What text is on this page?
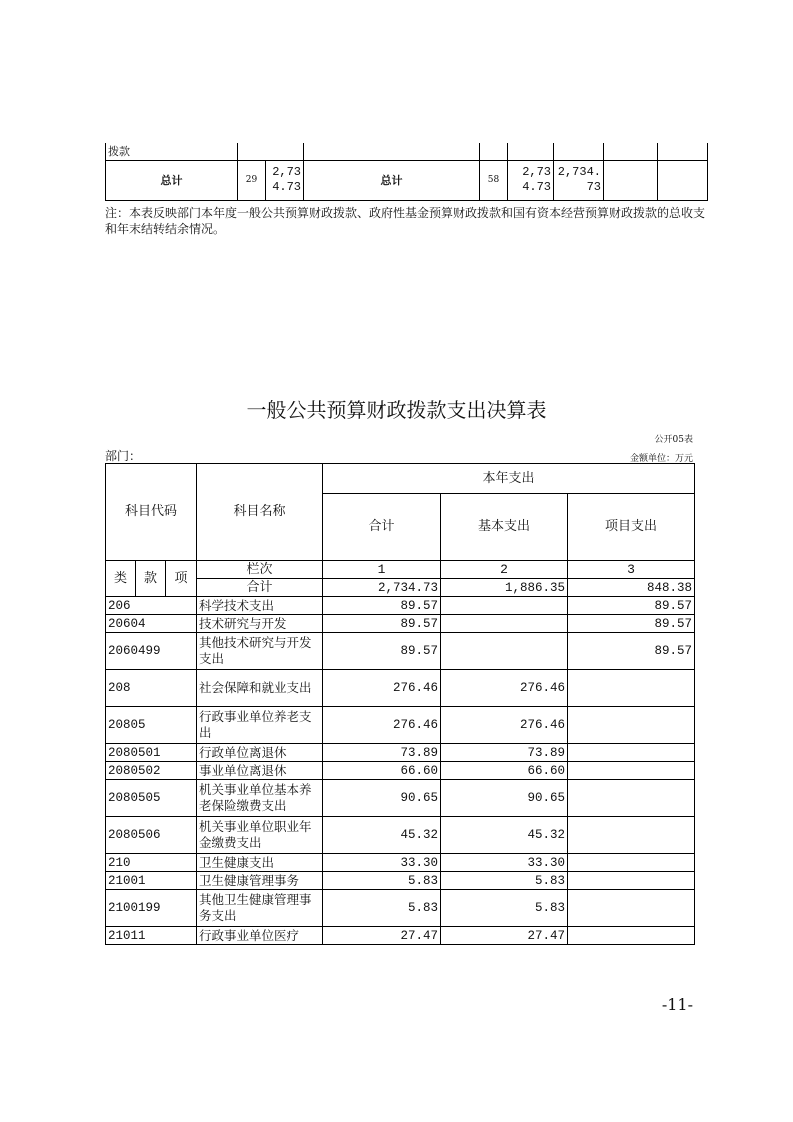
拨款								
总计	29	2,734.73	总计	58	2,734.73	2,734.73		
注：本表反映部门本年度一般公共预算财政拨款、政府性基金预算财政拨款和国有资本经营预算财政拨款的总收支和年末结转结余情况。
一般公共预算财政拨款支出决算表
公开05表
部门：	金额单位：万元
科目代码			科目名称	本年支出		
				合计	基本支出	项目支出

类	款	项	栏次	1	2	3
			合计	2,734.73	1,886.35	848.38
206			科学技术支出	89.57		89.57
20604			技术研究与开发	89.57		89.57
2060499			其他技术研究与开发支出	89.57		89.57
208			社会保障和就业支出	276.46	276.46	
20805			行政事业单位养老支出	276.46	276.46	
2080501			行政单位离退休	73.89	73.89	
2080502			事业单位离退休	66.60	66.60	
2080505			机关事业单位基本养老保险缴费支出	90.65	90.65	
2080506			机关事业单位职业年金缴费支出	45.32	45.32	
210			卫生健康支出	33.30	33.30	
21001			卫生健康管理事务	5.83	5.83	
2100199			其他卫生健康管理事务支出	5.83	5.83	
21011			行政事业单位医疗	27.47	27.47	
-11-
